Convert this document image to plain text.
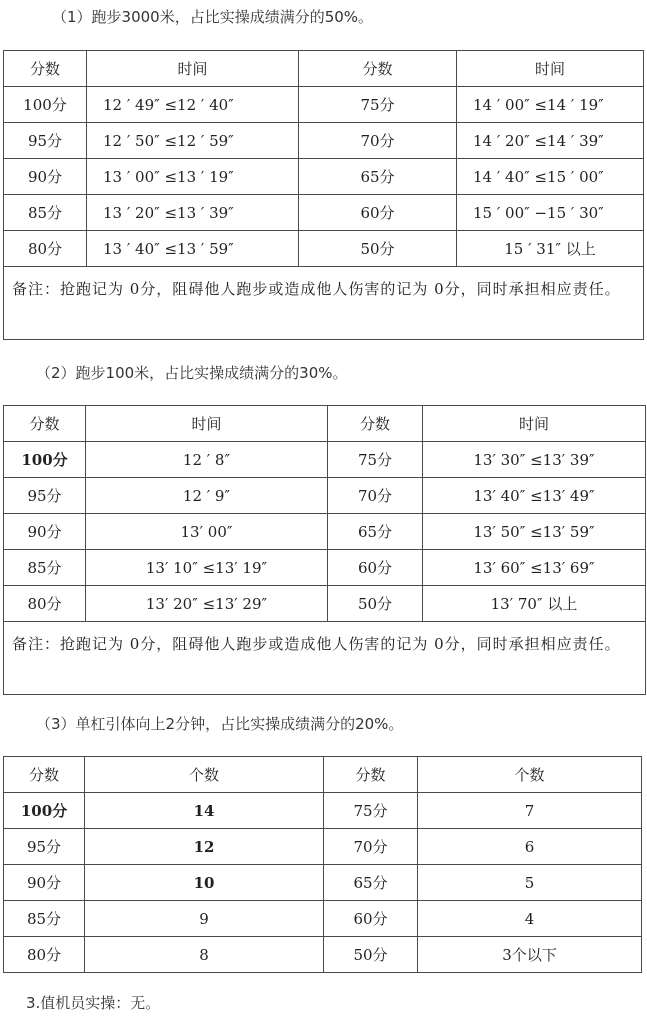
（1）跑步3000米，占比实操成绩满分的50%。
分数	时间	分数	时间
100分	12 ′ 49″ ≤12 ′ 40″	75分	14 ′ 00″ ≤14 ′ 19″
95分	12 ′ 50″ ≤12 ′ 59″	70分	14 ′ 20″ ≤14 ′ 39″
90分	13 ′ 00″ ≤13 ′ 19″	65分	14 ′ 40″ ≤15 ′ 00″
85分	13 ′ 20″ ≤13 ′ 39″	60分	15 ′ 00″ −15 ′ 30″
80分	13 ′ 40″ ≤13 ′ 59″	50分	15 ′ 31″ 以上
备注：抢跑记为 0分，阻碍他人跑步或造成他人伤害的记为 0分，同时承担相应责任。			
（2）跑步100米，占比实操成绩满分的30%。
分数	时间	分数	时间
100分	12 ′ 8″	75分	13′ 30″ ≤13′ 39″
95分	12 ′ 9″	70分	13′ 40″ ≤13′ 49″
90分	13′ 00″	65分	13′ 50″ ≤13′ 59″
85分	13′ 10″ ≤13′ 19″	60分	13′ 60″ ≤13′ 69″
80分	13′ 20″ ≤13′ 29″	50分	13′ 70″ 以上
备注：抢跑记为 0分，阻碍他人跑步或造成他人伤害的记为 0分，同时承担相应责任。			
（3）单杠引体向上2分钟，占比实操成绩满分的20%。
分数	个数	分数	个数
100分	14	75分	7
95分	12	70分	6
90分	10	65分	5
85分	9	60分	4
80分	8	50分	3个以下
3.值机员实操：无。
